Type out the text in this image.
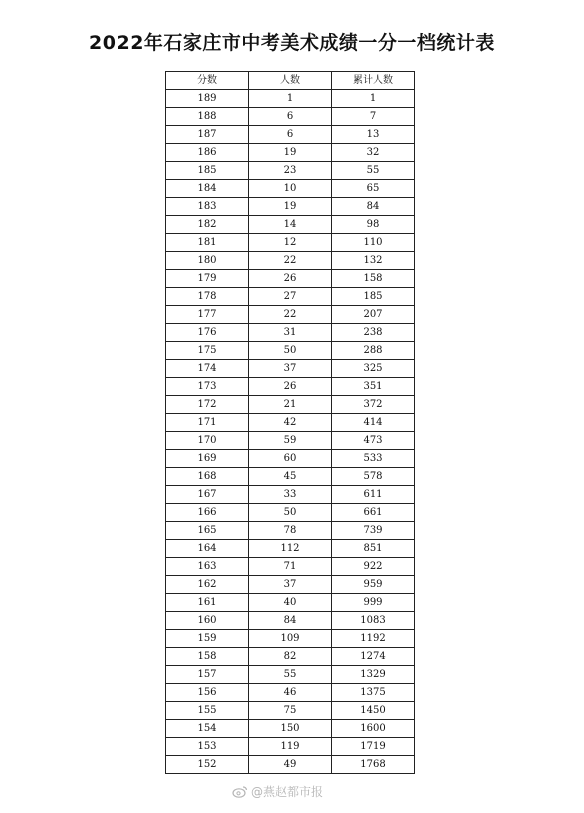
2022年石家庄市中考美术成绩一分一档统计表
分数	人数	累计人数
189	1	1
188	6	7
187	6	13
186	19	32
185	23	55
184	10	65
183	19	84
182	14	98
181	12	110
180	22	132
179	26	158
178	27	185
177	22	207
176	31	238
175	50	288
174	37	325
173	26	351
172	21	372
171	42	414
170	59	473
169	60	533
168	45	578
167	33	611
166	50	661
165	78	739
164	112	851
163	71	922
162	37	959
161	40	999
160	84	1083
159	109	1192
158	82	1274
157	55	1329
156	46	1375
155	75	1450
154	150	1600
153	119	1719
152	49	1768
@燕赵都市报
